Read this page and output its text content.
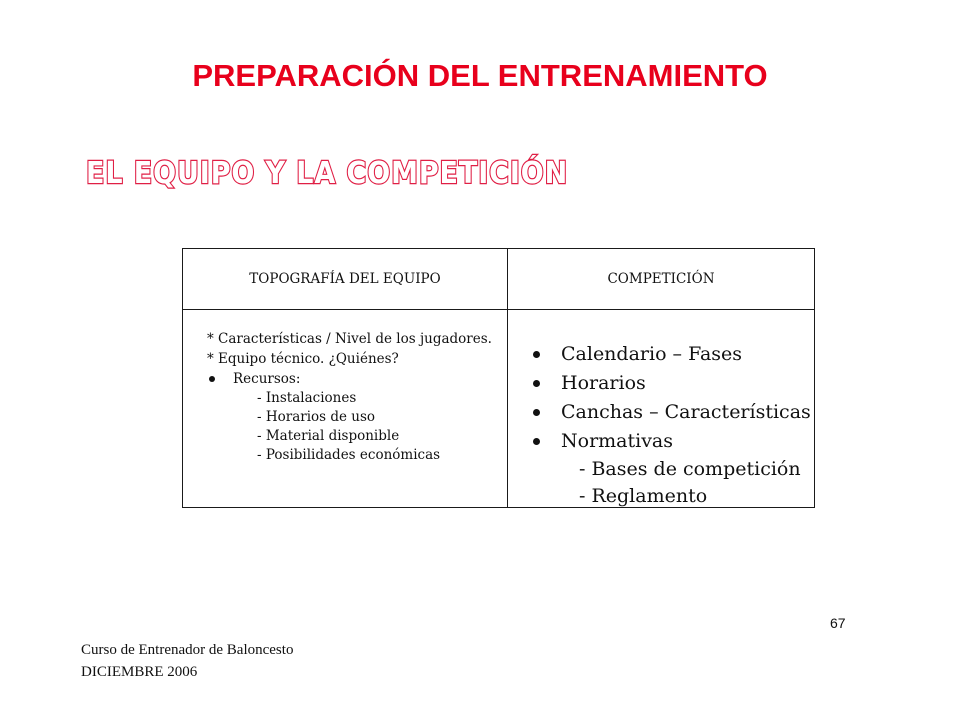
PREPARACIÓN DEL ENTRENAMIENTO
EL EQUIPO Y LA COMPETICIÓN
TOPOGRAFÍA DEL EQUIPO	COMPETICIÓN
* Características / Nivel de los jugadores.
* Equipo técnico. ¿Quiénes?
Recursos:
- Instalaciones
- Horarios de uso
- Material disponible
- Posibilidades económicas
Calendario – Fases
Horarios
Canchas – Características
Normativas
- Bases de competición
- Reglamento
67
Curso de Entrenador de Baloncesto
DICIEMBRE 2006
